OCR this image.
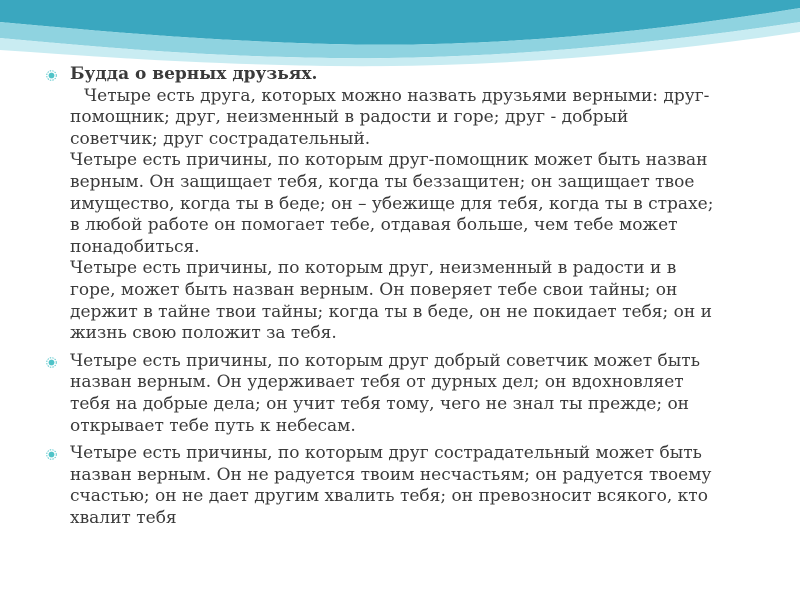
Будда о верных друзьях.
Четыре есть друга, которых можно назвать друзьями верными: друг-
помощник; друг, неизменный в радости и горе; друг - добрый
советчик; друг сострадательный.
Четыре есть причины, по которым друг-помощник может быть назван
верным. Он защищает тебя, когда ты беззащитен; он защищает твое
имущество, когда ты в беде; он – убежище для тебя, когда ты в страхе;
в любой работе он помогает тебе, отдавая больше, чем тебе может
понадобиться.
Четыре есть причины, по которым друг, неизменный в радости и в
горе, может быть назван верным. Он поверяет тебе свои тайны; он
держит в тайне твои тайны; когда ты в беде, он не покидает тебя; он и
жизнь свою положит за тебя.
Четыре есть причины, по которым друг добрый советчик может быть
назван верным. Он удерживает тебя от дурных дел; он вдохновляет
тебя на добрые дела; он учит тебя тому, чего не знал ты прежде; он
открывает тебе путь к небесам.
Четыре есть причины, по которым друг сострадательный может быть
назван верным. Он не радуется твоим несчастьям; он радуется твоему
счастью; он не дает другим хвалить тебя; он превозносит всякого, кто
хвалит тебя
